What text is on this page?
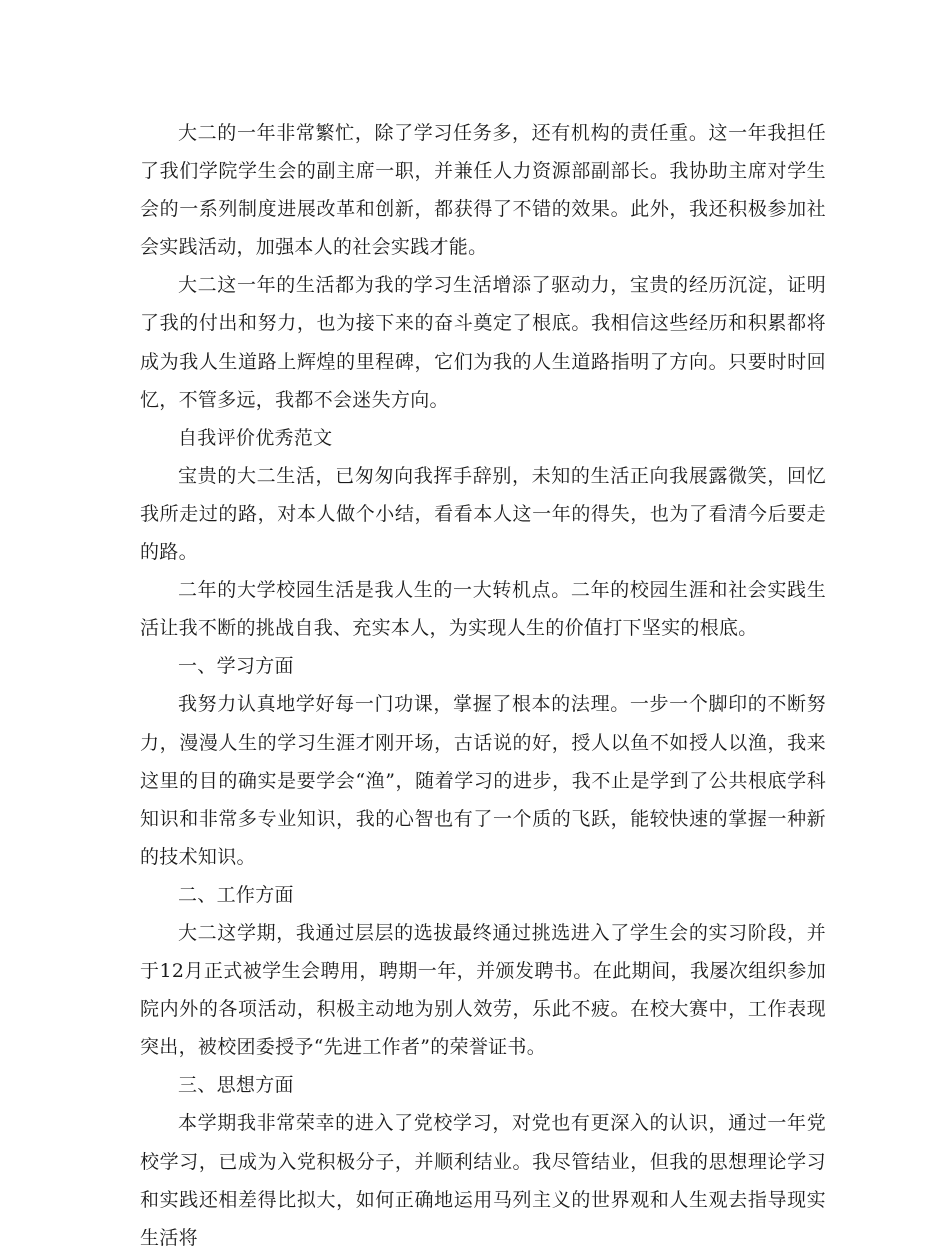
大二的一年非常繁忙，除了学习任务多，还有机构的责任重。这一年我担任了我们学院学生会的副主席一职，并兼任人力资源部副部长。我协助主席对学生会的一系列制度进展改革和创新，都获得了不错的效果。此外，我还积极参加社会实践活动，加强本人的社会实践才能。

大二这一年的生活都为我的学习生活增添了驱动力，宝贵的经历沉淀，证明了我的付出和努力，也为接下来的奋斗奠定了根底。我相信这些经历和积累都将成为我人生道路上辉煌的里程碑，它们为我的人生道路指明了方向。只要时时回忆，不管多远，我都不会迷失方向。

自我评价优秀范文

宝贵的大二生活，已匆匆向我挥手辞别，未知的生活正向我展露微笑，回忆我所走过的路，对本人做个小结，看看本人这一年的得失，也为了看清今后要走的路。

二年的大学校园生活是我人生的一大转机点。二年的校园生涯和社会实践生活让我不断的挑战自我、充实本人，为实现人生的价值打下坚实的根底。

一、学习方面

我努力认真地学好每一门功课，掌握了根本的法理。一步一个脚印的不断努力，漫漫人生的学习生涯才刚开场，古话说的好，授人以鱼不如授人以渔，我来这里的目的确实是要学会“渔”，随着学习的进步，我不止是学到了公共根底学科知识和非常多专业知识，我的心智也有了一个质的飞跃，能较快速的掌握一种新的技术知识。

二、工作方面

大二这学期，我通过层层的选拔最终通过挑选进入了学生会的实习阶段，并于12月正式被学生会聘用，聘期一年，并颁发聘书。在此期间，我屡次组织参加院内外的各项活动，积极主动地为别人效劳，乐此不疲。在校大赛中，工作表现突出，被校团委授予“先进工作者”的荣誉证书。

三、思想方面

本学期我非常荣幸的进入了党校学习，对党也有更深入的认识，通过一年党校学习，已成为入党积极分子，并顺利结业。我尽管结业，但我的思想理论学习和实践还相差得比拟大，如何正确地运用马列主义的世界观和人生观去指导现实生活将
